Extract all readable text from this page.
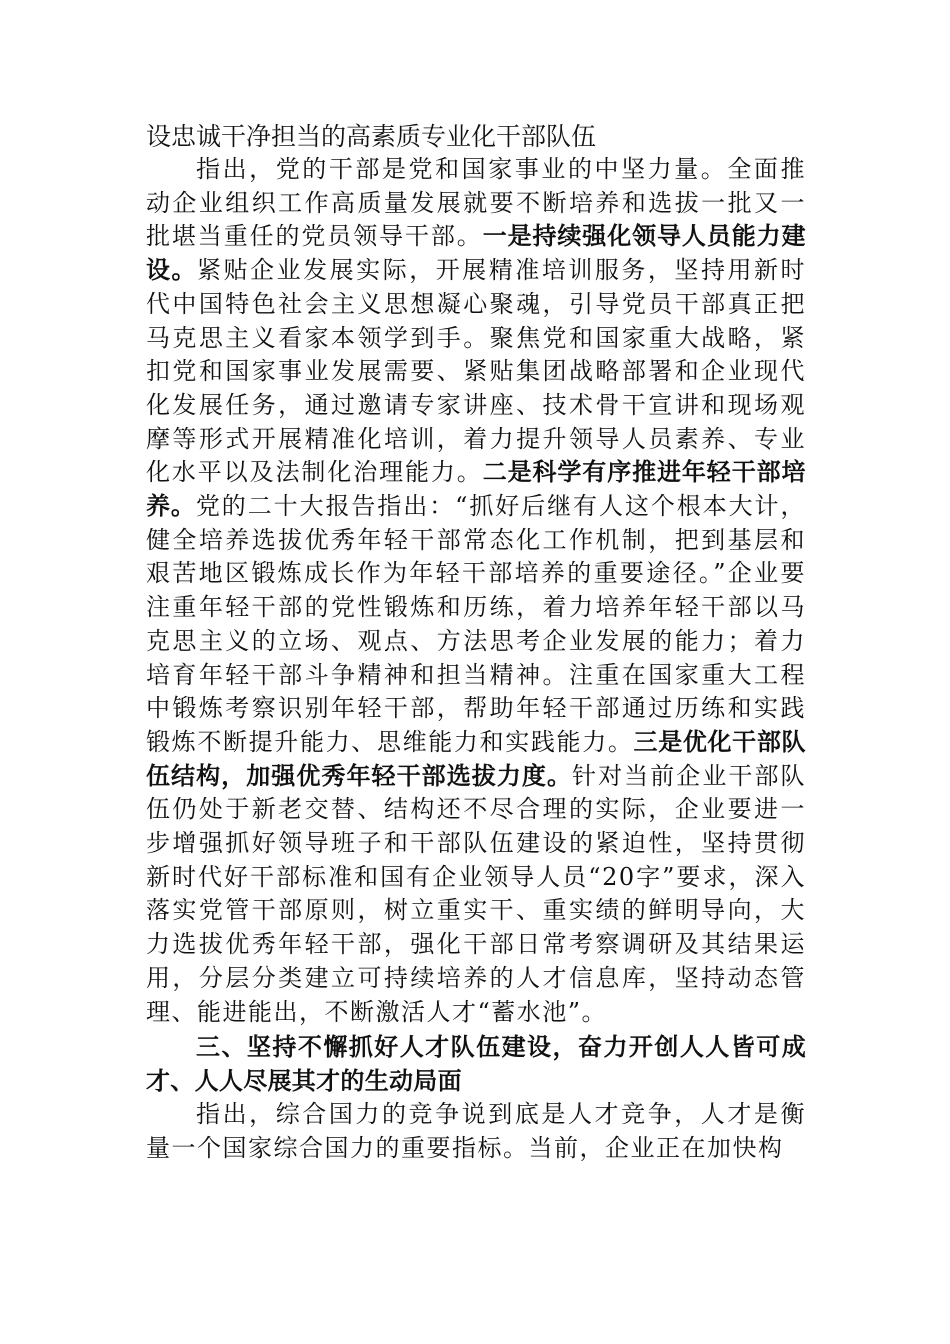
设忠诚干净担当的高素质专业化干部队伍

指出，党的干部是党和国家事业的中坚力量。全面推动企业组织工作高质量发展就要不断培养和选拔一批又一批堪当重任的党员领导干部。一是持续强化领导人员能力建设。紧贴企业发展实际，开展精准培训服务，坚持用新时代中国特色社会主义思想凝心聚魂，引导党员干部真正把马克思主义看家本领学到手。聚焦党和国家重大战略，紧扣党和国家事业发展需要、紧贴集团战略部署和企业现代化发展任务，通过邀请专家讲座、技术骨干宣讲和现场观摩等形式开展精准化培训，着力提升领导人员素养、专业化水平以及法制化治理能力。二是科学有序推进年轻干部培养。党的二十大报告指出：“抓好后继有人这个根本大计，健全培养选拔优秀年轻干部常态化工作机制，把到基层和艰苦地区锻炼成长作为年轻干部培养的重要途径。”企业要注重年轻干部的党性锻炼和历练，着力培养年轻干部以马克思主义的立场、观点、方法思考企业发展的能力；着力培育年轻干部斗争精神和担当精神。注重在国家重大工程中锻炼考察识别年轻干部，帮助年轻干部通过历练和实践锻炼不断提升能力、思维能力和实践能力。三是优化干部队伍结构，加强优秀年轻干部选拔力度。针对当前企业干部队伍仍处于新老交替、结构还不尽合理的实际，企业要进一步增强抓好领导班子和干部队伍建设的紧迫性，坚持贯彻新时代好干部标准和国有企业领导人员“20字”要求，深入落实党管干部原则，树立重实干、重实绩的鲜明导向，大力选拔优秀年轻干部，强化干部日常考察调研及其结果运用，分层分类建立可持续培养的人才信息库，坚持动态管理、能进能出，不断激活人才“蓄水池”。

三、坚持不懈抓好人才队伍建设，奋力开创人人皆可成才、人人尽展其才的生动局面

指出，综合国力的竞争说到底是人才竞争，人才是衡量一个国家综合国力的重要指标。当前，企业正在加快构
